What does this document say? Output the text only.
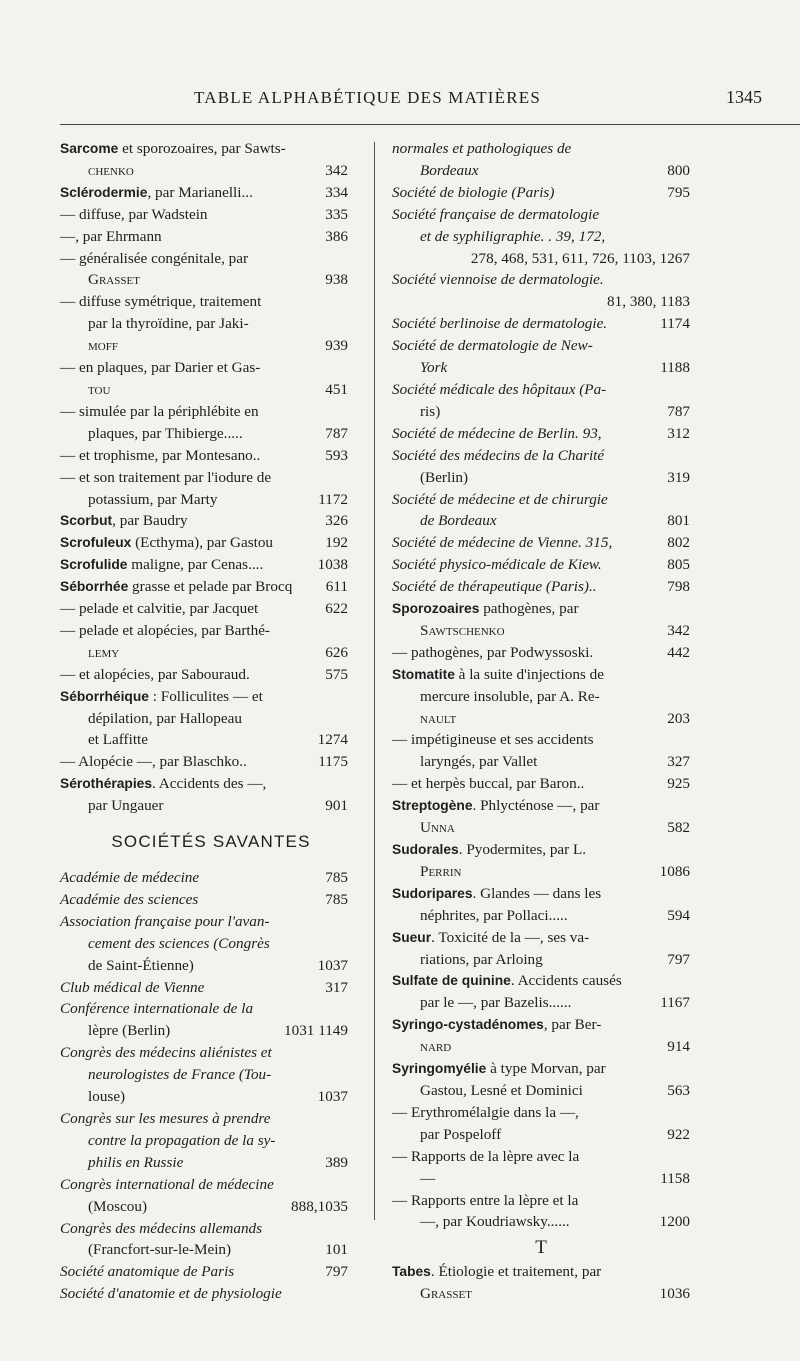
TABLE ALPHABÉTIQUE DES MATIÈRES	1345
Sarcome et sporozoaires, par Sawts-
chenko	342
Sclérodermie, par Marianelli...	334
— diffuse, par Wadstein	335
—, par Ehrmann	386
— généralisée congénitale, par
Grasset	938
— diffuse symétrique, traitement
par la thyroïdine, par Jaki-
moff	939
— en plaques, par Darier et Gas-
tou	451
— simulée par la périphlébite en
plaques, par Thibierge.....	787
— et trophisme, par Montesano..	593
— et son traitement par l'iodure de
potassium, par Marty	1172
Scorbut, par Baudry	326
Scrofuleux (Ecthyma), par Gastou	192
Scrofulide maligne, par Cenas....	1038
Séborrhée grasse et pelade par Brocq 611
— pelade et calvitie, par Jacquet	622
— pelade et alopécies, par Barthé-
lemy	626
— et alopécies, par Sabouraud.	575
Séborrhéique : Folliculites — et
dépilation, par Hallopeau
et Laffitte	1274
— Alopécie —, par Blaschko..	1175
Sérothérapies. Accidents des —,
par Ungauer	901
SOCIÉTÉS SAVANTES
Académie de médecine	785
Académie des sciences	785
Association française pour l'avan-
cement des sciences (Congrès
de Saint-Étienne)	1037
Club médical de Vienne	317
Conférence internationale de la
lèpre (Berlin)	1031 1149
Congrès des médecins aliénistes et
neurologistes de France (Tou-
louse)	1037
Congrès sur les mesures à prendre
contre la propagation de la sy-
philis en Russie	389
Congrès international de médecine
(Moscou)	888,1035
Congrès des médecins allemands
(Francfort-sur-le-Mein)	101
Société anatomique de Paris	797
Société d'anatomie et de physiologie
normales et pathologiques de
Bordeaux	800
Société de biologie (Paris)	795
Société française de dermatologie
et de syphiligraphie. . 39, 172,
278, 468, 531, 611, 726, 1103, 1267
Société viennoise de dermatologie.
81, 380, 1183
Société berlinoise de dermatologie.	1174
Société de dermatologie de New-
York	1188
Société médicale des hôpitaux (Pa-
ris)	787
Société de médecine de Berlin. 93,	312
Société des médecins de la Charité
(Berlin)	319
Société de médecine et de chirurgie
de Bordeaux	801
Société de médecine de Vienne. 315,	802
Société physico-médicale de Kiew.	805
Société de thérapeutique (Paris)..	798
Sporozoaires pathogènes, par
Sawtschenko	342
— pathogènes, par Podwyssoski.	442
Stomatite à la suite d'injections de
mercure insoluble, par A. Re-
nault	203
— impétigineuse et ses accidents
laryngés, par Vallet	327
— et herpès buccal, par Baron..	925
Streptogène. Phlycténose —, par
Unna	582
Sudorales. Pyodermites, par L.
Perrin	1086
Sudoripares. Glandes — dans les
néphrites, par Pollaci.....	594
Sueur. Toxicité de la —, ses va-
riations, par Arloing	797
Sulfate de quinine. Accidents causés
par le —, par Bazelis......	1167
Syringo-cystadénomes, par Ber-
nard	914
Syringomyélie à type Morvan, par
Gastou, Lesné et Dominici	563
— Erythromélalgie dans la —,
par Pospeloff	922
— Rapports de la lèpre avec la
—	1158
— Rapports entre la lèpre et la
—, par Koudriawsky......	1200
T
Tabes. Étiologie et traitement, par
Grasset	1036
